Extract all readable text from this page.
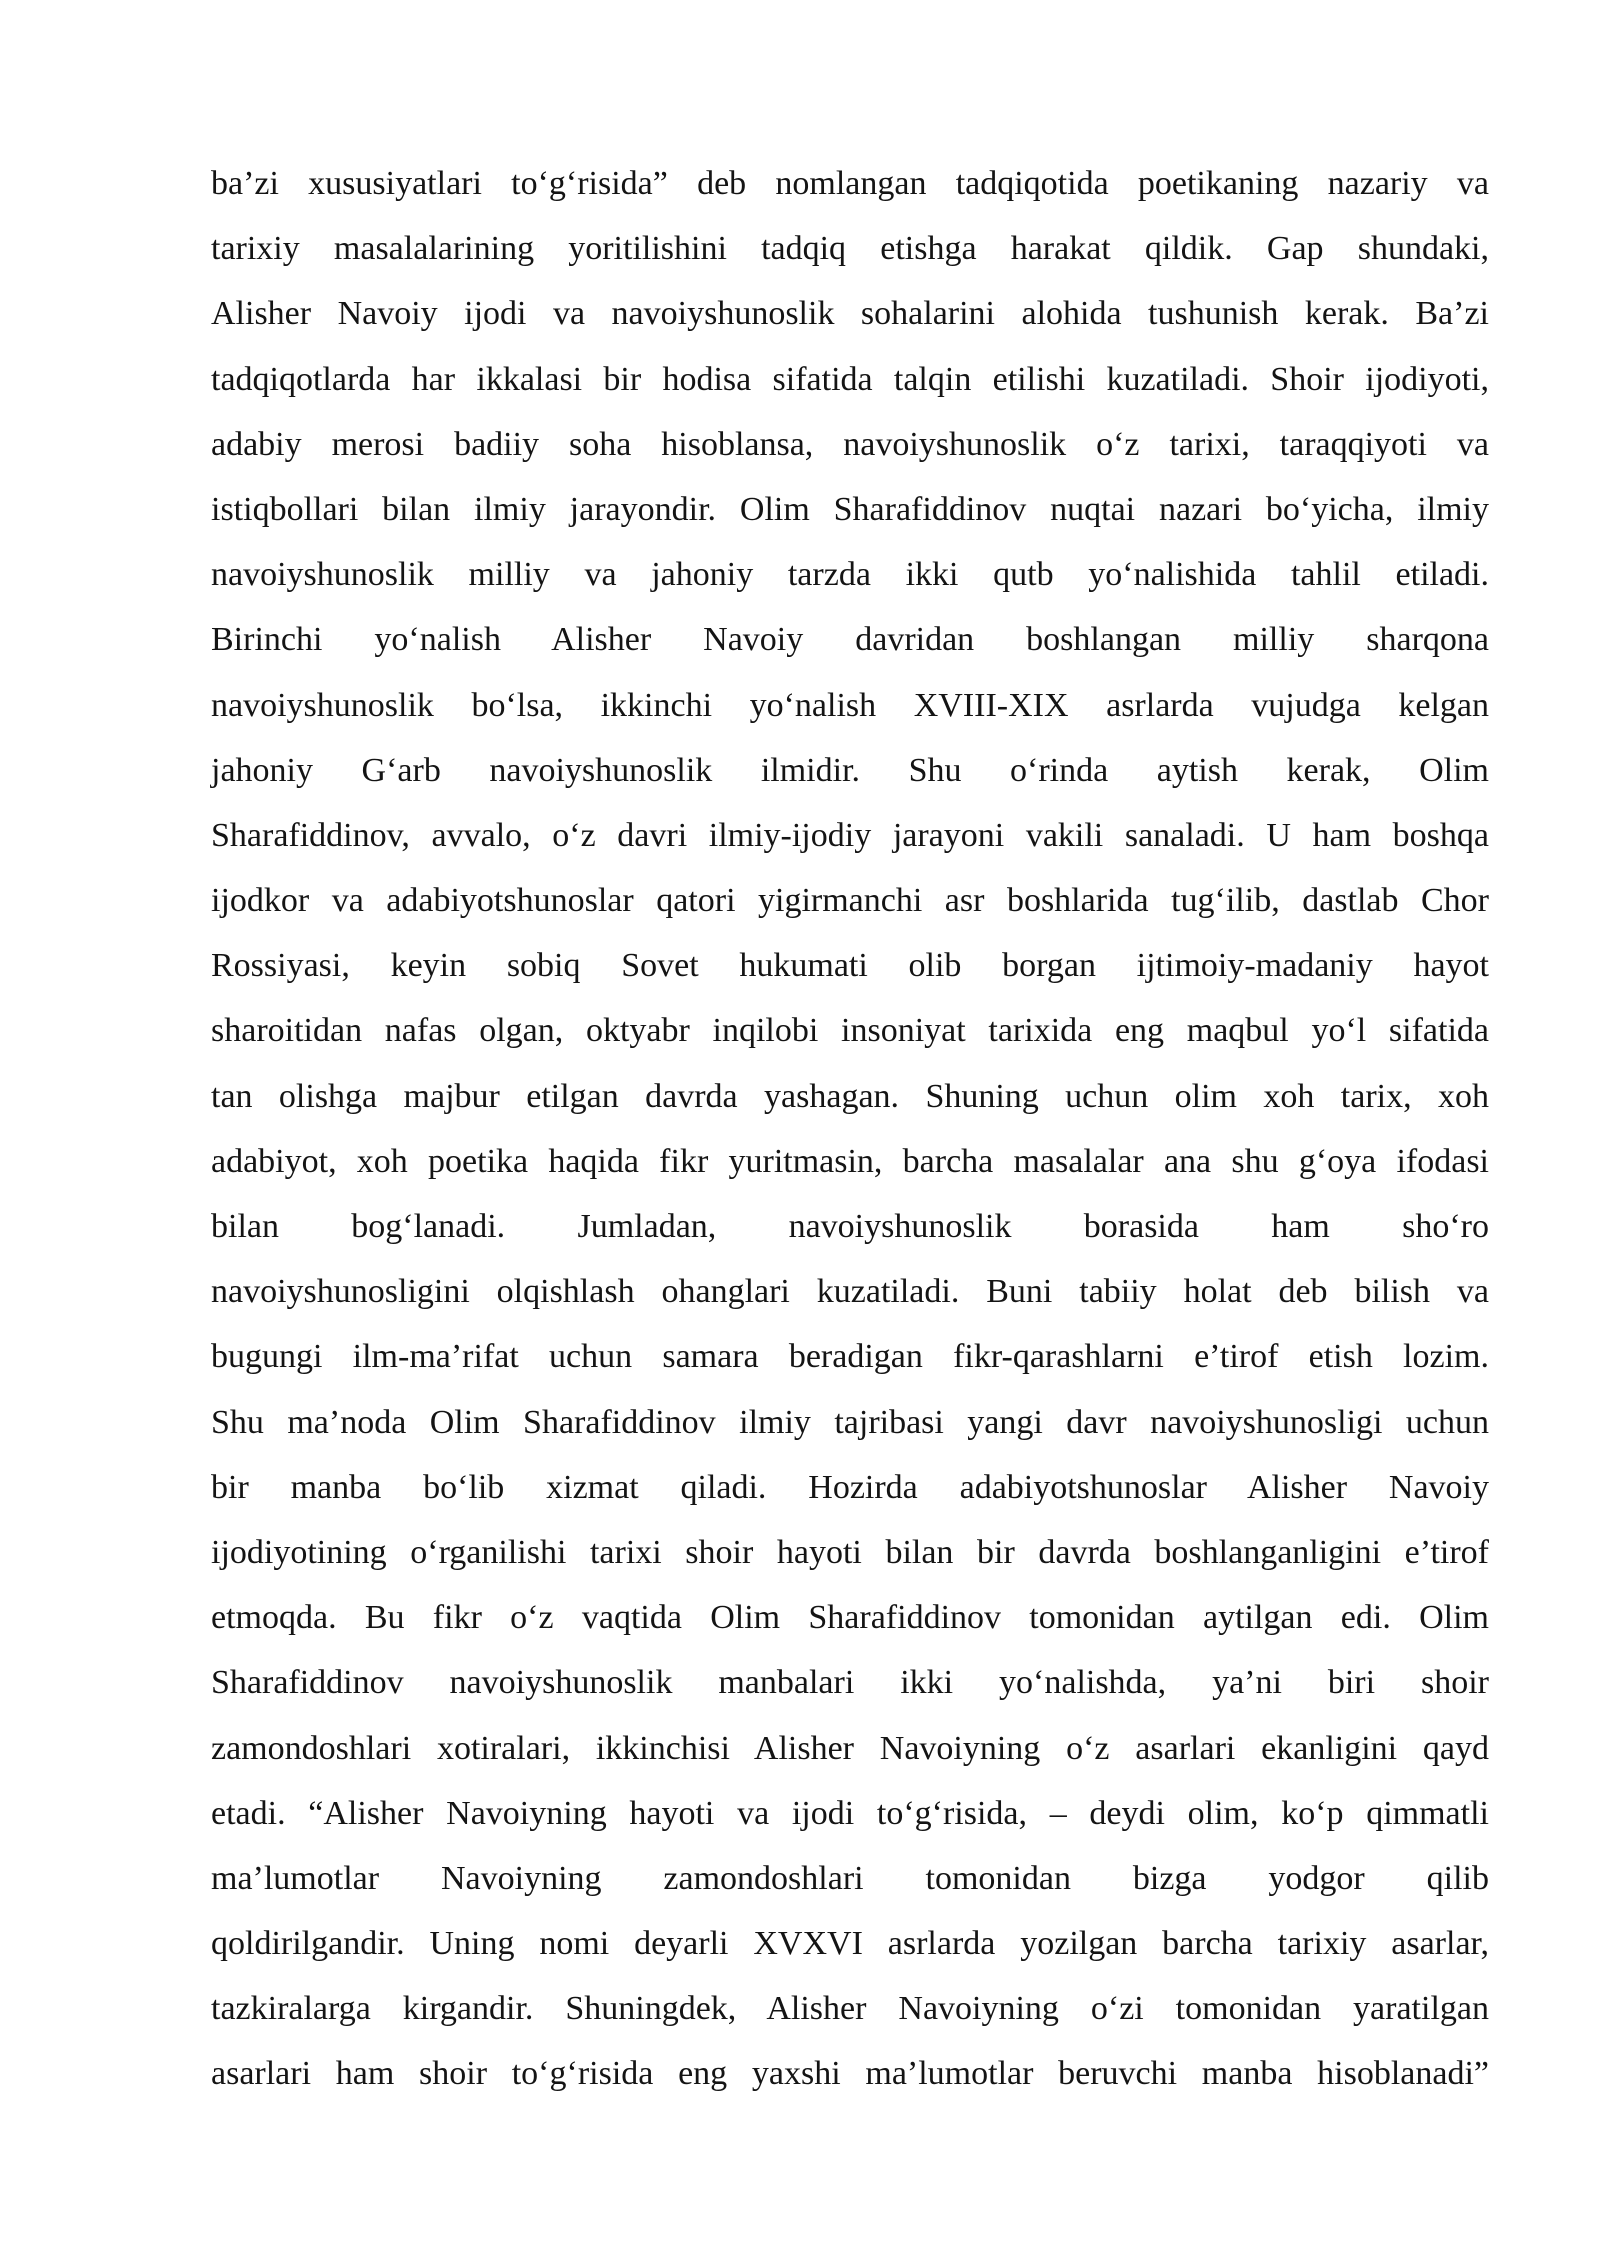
ba’zi xususiyatlari to‘g‘risida” deb nomlangan tadqiqotida poetikaning nazariy va
tarixiy masalalarining yoritilishini tadqiq etishga harakat qildik. Gap shundaki,
Alisher Navoiy ijodi va navoiyshunoslik sohalarini alohida tushunish kerak. Ba’zi
tadqiqotlarda har ikkalasi bir hodisa sifatida talqin etilishi kuzatiladi. Shoir ijodiyoti,
adabiy merosi badiiy soha hisoblansa, navoiyshunoslik o‘z tarixi, taraqqiyoti va
istiqbollari bilan ilmiy jarayondir. Olim Sharafiddinov nuqtai nazari bo‘yicha, ilmiy
navoiyshunoslik milliy va jahoniy tarzda ikki qutb yo‘nalishida tahlil etiladi.
Birinchi yo‘nalish Alisher Navoiy davridan boshlangan milliy sharqona
navoiyshunoslik bo‘lsa, ikkinchi yo‘nalish XVIII-XIX asrlarda vujudga kelgan
jahoniy G‘arb navoiyshunoslik ilmidir. Shu o‘rinda aytish kerak, Olim
Sharafiddinov, avvalo, o‘z davri ilmiy-ijodiy jarayoni vakili sanaladi. U ham boshqa
ijodkor va adabiyotshunoslar qatori yigirmanchi asr boshlarida tug‘ilib, dastlab Chor
Rossiyasi, keyin sobiq Sovet hukumati olib borgan ijtimoiy-madaniy hayot
sharoitidan nafas olgan, oktyabr inqilobi insoniyat tarixida eng maqbul yo‘l sifatida
tan olishga majbur etilgan davrda yashagan. Shuning uchun olim xoh tarix, xoh
adabiyot, xoh poetika haqida fikr yuritmasin, barcha masalalar ana shu g‘oya ifodasi
bilan bog‘lanadi. Jumladan, navoiyshunoslik borasida ham sho‘ro
navoiyshunosligini olqishlash ohanglari kuzatiladi. Buni tabiiy holat deb bilish va
bugungi ilm-ma’rifat uchun samara beradigan fikr-qarashlarni e’tirof etish lozim.
Shu ma’noda Olim Sharafiddinov ilmiy tajribasi yangi davr navoiyshunosligi uchun
bir manba bo‘lib xizmat qiladi. Hozirda adabiyotshunoslar Alisher Navoiy
ijodiyotining o‘rganilishi tarixi shoir hayoti bilan bir davrda boshlanganligini e’tirof
etmoqda. Bu fikr o‘z vaqtida Olim Sharafiddinov tomonidan aytilgan edi. Olim
Sharafiddinov navoiyshunoslik manbalari ikki yo‘nalishda, ya’ni biri shoir
zamondoshlari xotiralari, ikkinchisi Alisher Navoiyning o‘z asarlari ekanligini qayd
etadi. “Alisher Navoiyning hayoti va ijodi to‘g‘risida, – deydi olim, ko‘p qimmatli
ma’lumotlar Navoiyning zamondoshlari tomonidan bizga yodgor qilib
qoldirilgandir. Uning nomi deyarli XVXVI asrlarda yozilgan barcha tarixiy asarlar,
tazkiralarga kirgandir. Shuningdek, Alisher Navoiyning o‘zi tomonidan yaratilgan
asarlari ham shoir to‘g‘risida eng yaxshi ma’lumotlar beruvchi manba hisoblanadi”
